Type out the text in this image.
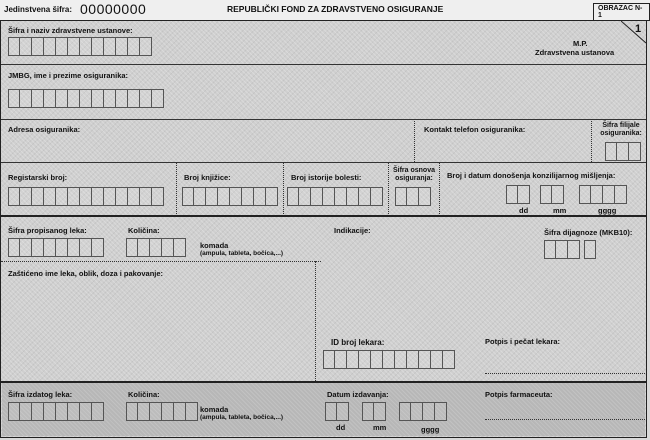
Jedinstvena šifra: 00000000	REPUBLIČKI FOND ZA ZDRAVSTVENO OSIGURANJE	OBRAZAC N-1
1
Šifra i naziv zdravstvene ustanove:
M.P.
Zdravstvena ustanova
JMBG, ime i prezime osiguranika:
Adresa osiguranika:	Kontakt telefon osiguranika:	Šifra filijale osiguranika:
Registarski broj:	Broj knjižice:	Broj istorije bolesti:
Šifra osnova osiguranja:	Broj i datum donošenja konzilijarnog mišljenja:
dd	mm	gggg
Šifra propisanog leka:	Količina:
komada
(ampula, tableta, bočica,...)
Indikacije:	Šifra dijagnoze (MKB10):
Zaštićeno ime leka, oblik, doza i pakovanje:
ID broj lekara:	Potpis i pečat lekara:
Šifra izdatog leka:	Količina:
komada
(ampula, tableta, bočica,...)
Datum izdavanja:
dd	mm	gggg
Potpis farmaceuta:
